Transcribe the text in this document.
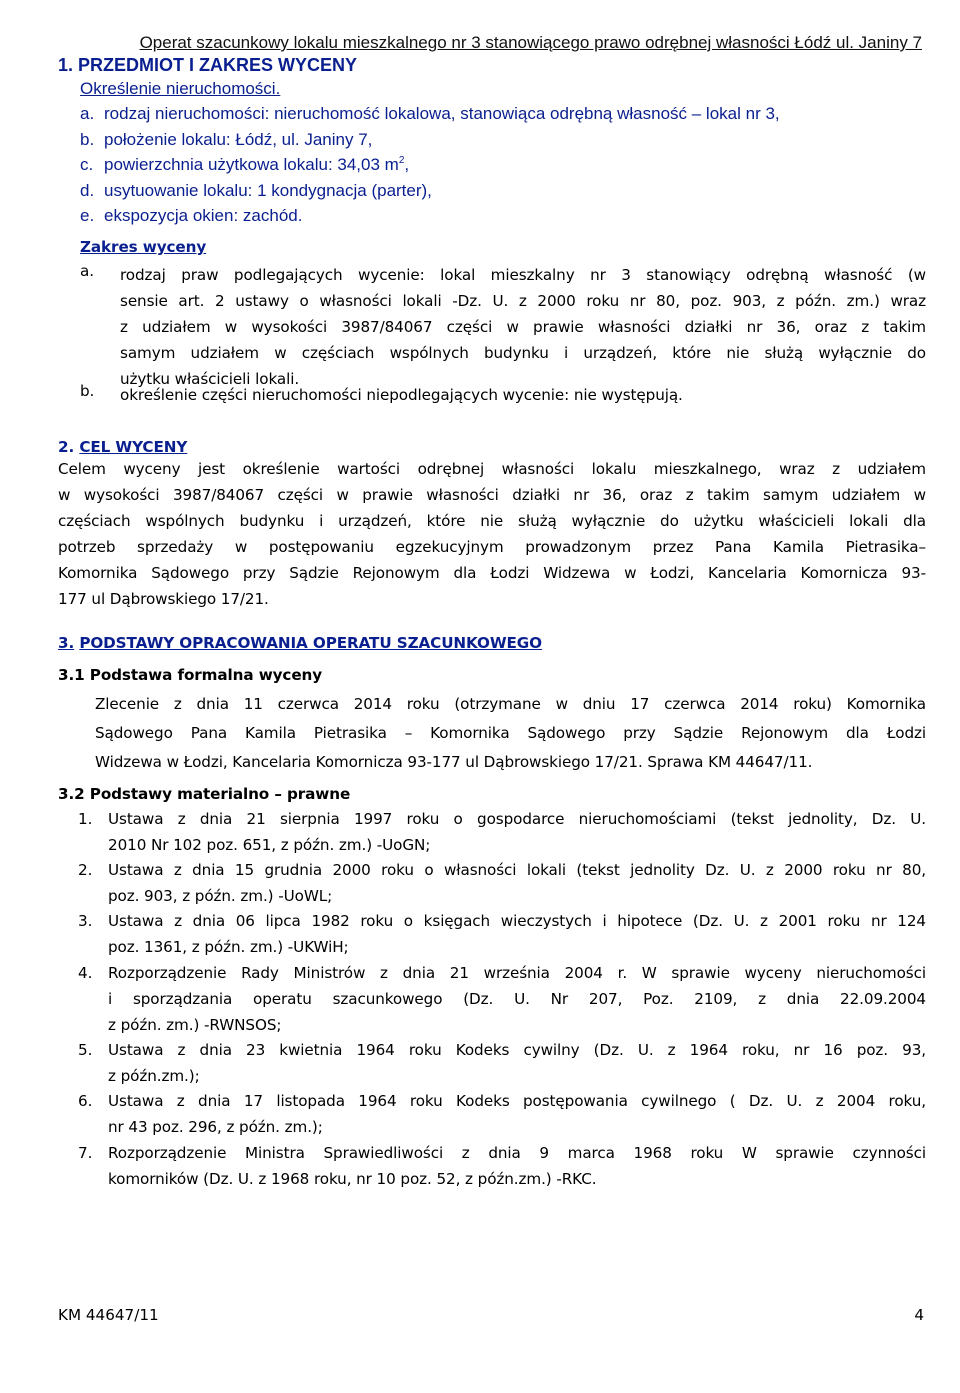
Operat szacunkowy lokalu mieszkalnego nr 3 stanowiącego prawo odrębnej własności Łódź ul. Janiny 7
1. PRZEDMIOT I ZAKRES WYCENY
Określenie nieruchomości.
a. rodzaj nieruchomości: nieruchomość lokalowa, stanowiąca odrębną własność – lokal nr 3,
b. położenie lokalu: Łódź, ul. Janiny 7,
c. powierzchnia użytkowa lokalu: 34,03 $m^2$,
d. usytuowanie lokalu: 1 kondygnacja (parter),
e. ekspozycja okien: zachód.
Zakres wyceny
a. rodzaj praw podlegających wycenie: lokal mieszkalny nr 3 stanowiący odrębną własność (w
sensie art. 2 ustawy o własności lokali -Dz. U. z 2000 roku nr 80, poz. 903, z późn. zm.) wraz
z udziałem w wysokości 3987/84067 części w prawie własności działki nr 36, oraz z takim
samym udziałem w częściach wspólnych budynku i urządzeń, które nie służą wyłącznie do
użytku właścicieli lokali.
b. określenie części nieruchomości niepodlegających wycenie: nie występują.
2. CEL WYCENY
Celem wyceny jest określenie wartości odrębnej własności lokalu mieszkalnego, wraz z udziałem
w wysokości 3987/84067 części w prawie własności działki nr 36, oraz z takim samym udziałem w
częściach wspólnych budynku i urządzeń, które nie służą wyłącznie do użytku właścicieli lokali dla
potrzeb sprzedaży w postępowaniu egzekucyjnym prowadzonym przez Pana Kamila Pietrasika–
Komornika Sądowego przy Sądzie Rejonowym dla Łodzi Widzewa w Łodzi, Kancelaria Komornicza 93-
177 ul Dąbrowskiego 17/21.
3. PODSTAWY OPRACOWANIA OPERATU SZACUNKOWEGO
3.1 Podstawa formalna wyceny
Zlecenie z dnia 11 czerwca 2014 roku (otrzymane w dniu 17 czerwca 2014 roku) Komornika
Sądowego Pana Kamila Pietrasika – Komornika Sądowego przy Sądzie Rejonowym dla Łodzi
Widzewa w Łodzi, Kancelaria Komornicza 93-177 ul Dąbrowskiego 17/21. Sprawa KM 44647/11.
3.2 Podstawy materialno – prawne
1.	Ustawa z dnia 21 sierpnia 1997 roku o gospodarce nieruchomościami (tekst jednolity, Dz. U.
2010 Nr 102 poz. 651, z późn. zm.) -UoGN;
2.	Ustawa z dnia 15 grudnia 2000 roku o własności lokali (tekst jednolity Dz. U. z 2000 roku nr 80,
poz. 903, z późn. zm.) -UoWL;
3.	Ustawa z dnia 06 lipca 1982 roku o księgach wieczystych i hipotece (Dz. U. z 2001 roku nr 124
poz. 1361, z późn. zm.) -UKWiH;
4.	Rozporządzenie Rady Ministrów z dnia 21 września 2004 r. W sprawie wyceny nieruchomości
i sporządzania operatu szacunkowego (Dz. U. Nr 207, Poz. 2109, z dnia 22.09.2004
z późn. zm.) -RWNSOS;
5.	Ustawa z dnia 23 kwietnia 1964 roku Kodeks cywilny (Dz. U. z 1964 roku, nr 16 poz. 93,
z późn.zm.);
6.	Ustawa z dnia 17 listopada 1964 roku Kodeks postępowania cywilnego ( Dz. U. z 2004 roku,
nr 43 poz. 296, z późn. zm.);
7.	Rozporządzenie Ministra Sprawiedliwości z dnia 9 marca 1968 roku W sprawie czynności
komorników (Dz. U. z 1968 roku, nr 10 poz. 52, z późn.zm.) -RKC.
KM 44647/11	4
